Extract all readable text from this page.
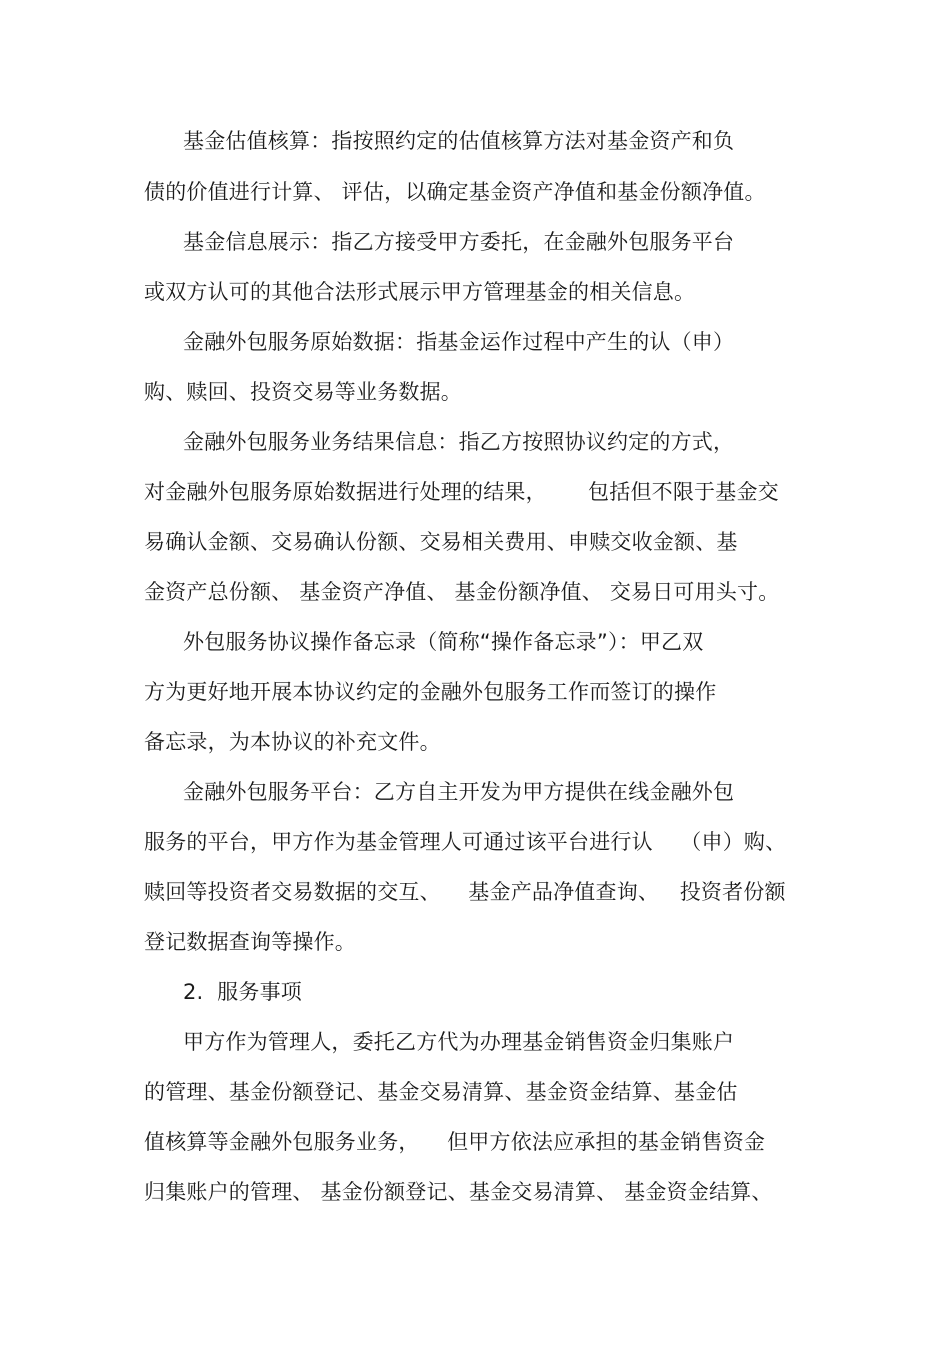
基金估值核算：指按照约定的估值核算方法对基金资产和负
债的价值进行计算、 评估，以确定基金资产净值和基金份额净值。
基金信息展示：指乙方接受甲方委托，在金融外包服务平台
或双方认可的其他合法形式展示甲方管理基金的相关信息。
金融外包服务原始数据：指基金运作过程中产生的认（申）
购、赎回、投资交易等业务数据。
金融外包服务业务结果信息：指乙方按照协议约定的方式，
对金融外包服务原始数据进行处理的结果，      包括但不限于基金交
易确认金额、交易确认份额、交易相关费用、申赎交收金额、基
金资产总份额、 基金资产净值、 基金份额净值、 交易日可用头寸。
外包服务协议操作备忘录（简称“操作备忘录”）：甲乙双
方为更好地开展本协议约定的金融外包服务工作而签订的操作
备忘录，为本协议的补充文件。
金融外包服务平台：乙方自主开发为甲方提供在线金融外包
服务的平台，甲方作为基金管理人可通过该平台进行认    （申）购、
赎回等投资者交易数据的交互、    基金产品净值查询、   投资者份额
登记数据查询等操作。
2.  服务事项
甲方作为管理人，委托乙方代为办理基金销售资金归集账户
的管理、基金份额登记、基金交易清算、基金资金结算、基金估
值核算等金融外包服务业务，    但甲方依法应承担的基金销售资金
归集账户的管理、 基金份额登记、基金交易清算、 基金资金结算、
